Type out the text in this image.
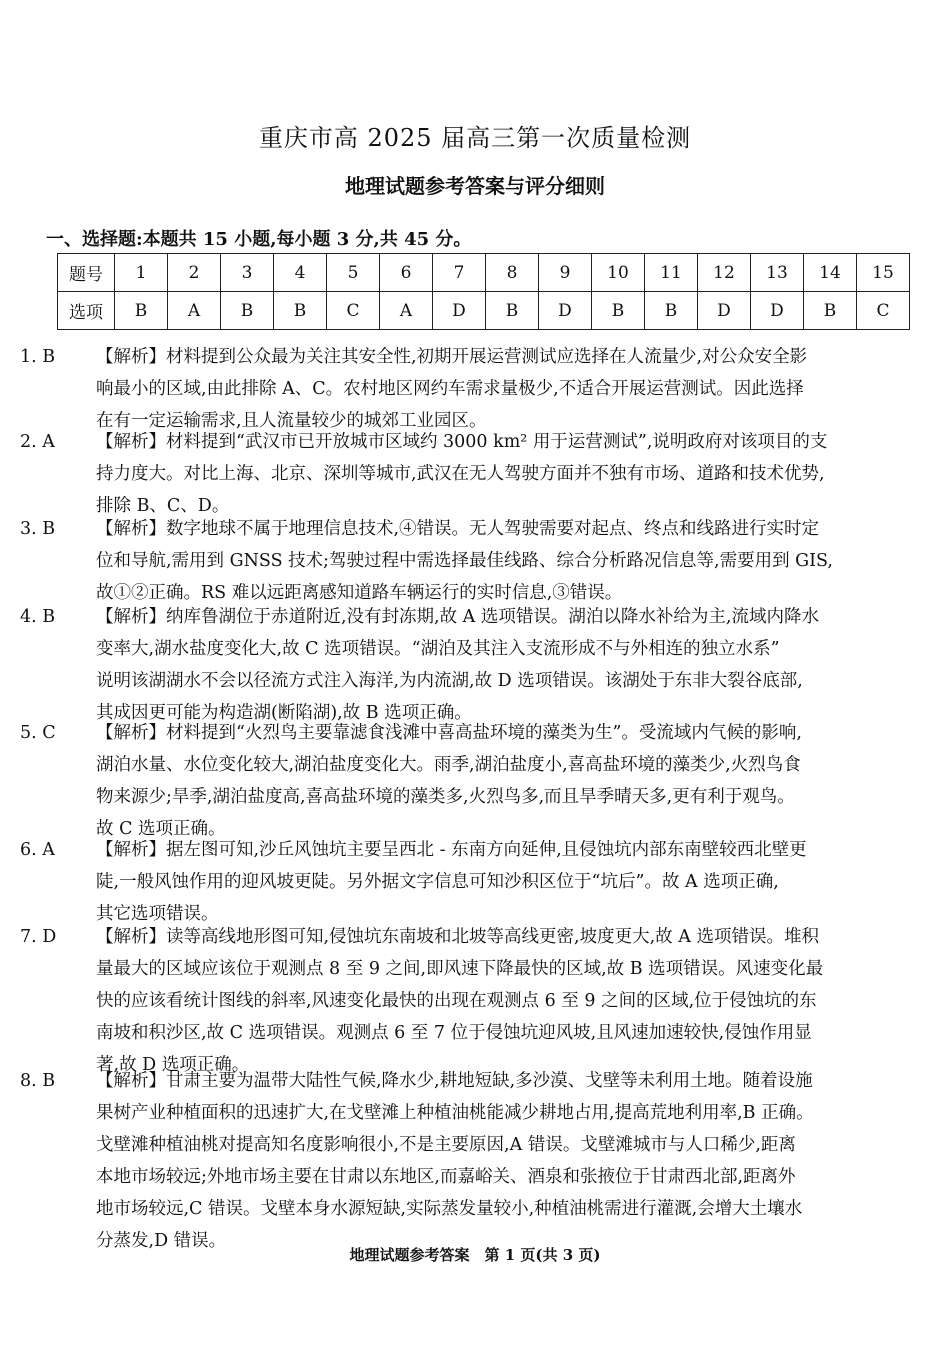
重庆市高 2025 届高三第一次质量检测
地理试题参考答案与评分细则
一、选择题:本题共 15 小题,每小题 3 分,共 45 分。
题号	1	2	3	4	5	6	7	8	9	10	11	12	13	14	15
选项	B	A	B	B	C	A	D	B	D	B	B	D	D	B	C
1. B	【解析】材料提到公众最为关注其安全性,初期开展运营测试应选择在人流量少,对公众安全影
响最小的区域,由此排除 A、C。农村地区网约车需求量极少,不适合开展运营测试。因此选择
在有一定运输需求,且人流量较少的城郊工业园区。
2. A	【解析】材料提到“武汉市已开放城市区域约 3000 km² 用于运营测试”,说明政府对该项目的支
持力度大。对比上海、北京、深圳等城市,武汉在无人驾驶方面并不独有市场、道路和技术优势,
排除 B、C、D。
3. B	【解析】数字地球不属于地理信息技术,④错误。无人驾驶需要对起点、终点和线路进行实时定
位和导航,需用到 GNSS 技术;驾驶过程中需选择最佳线路、综合分析路况信息等,需要用到 GIS,
故①②正确。RS 难以远距离感知道路车辆运行的实时信息,③错误。
4. B	【解析】纳库鲁湖位于赤道附近,没有封冻期,故 A 选项错误。湖泊以降水补给为主,流域内降水
变率大,湖水盐度变化大,故 C 选项错误。“湖泊及其注入支流形成不与外相连的独立水系”
说明该湖湖水不会以径流方式注入海洋,为内流湖,故 D 选项错误。该湖处于东非大裂谷底部,
其成因更可能为构造湖(断陷湖),故 B 选项正确。
5. C	【解析】材料提到“火烈鸟主要靠滤食浅滩中喜高盐环境的藻类为生”。受流域内气候的影响,
湖泊水量、水位变化较大,湖泊盐度变化大。雨季,湖泊盐度小,喜高盐环境的藻类少,火烈鸟食
物来源少;旱季,湖泊盐度高,喜高盐环境的藻类多,火烈鸟多,而且旱季晴天多,更有利于观鸟。
故 C 选项正确。
6. A	【解析】据左图可知,沙丘风蚀坑主要呈西北 - 东南方向延伸,且侵蚀坑内部东南壁较西北壁更
陡,一般风蚀作用的迎风坡更陡。另外据文字信息可知沙积区位于“坑后”。故 A 选项正确,
其它选项错误。
7. D	【解析】读等高线地形图可知,侵蚀坑东南坡和北坡等高线更密,坡度更大,故 A 选项错误。堆积
量最大的区域应该位于观测点 8 至 9 之间,即风速下降最快的区域,故 B 选项错误。风速变化最
快的应该看统计图线的斜率,风速变化最快的出现在观测点 6 至 9 之间的区域,位于侵蚀坑的东
南坡和积沙区,故 C 选项错误。观测点 6 至 7 位于侵蚀坑迎风坡,且风速加速较快,侵蚀作用显
著,故 D 选项正确。
8. B	【解析】甘肃主要为温带大陆性气候,降水少,耕地短缺,多沙漠、戈壁等未利用土地。随着设施
果树产业种植面积的迅速扩大,在戈壁滩上种植油桃能减少耕地占用,提高荒地利用率,B 正确。
戈壁滩种植油桃对提高知名度影响很小,不是主要原因,A 错误。戈壁滩城市与人口稀少,距离
本地市场较远;外地市场主要在甘肃以东地区,而嘉峪关、酒泉和张掖位于甘肃西北部,距离外
地市场较远,C 错误。戈壁本身水源短缺,实际蒸发量较小,种植油桃需进行灌溉,会增大土壤水
分蒸发,D 错误。
地理试题参考答案　第 1 页(共 3 页)
